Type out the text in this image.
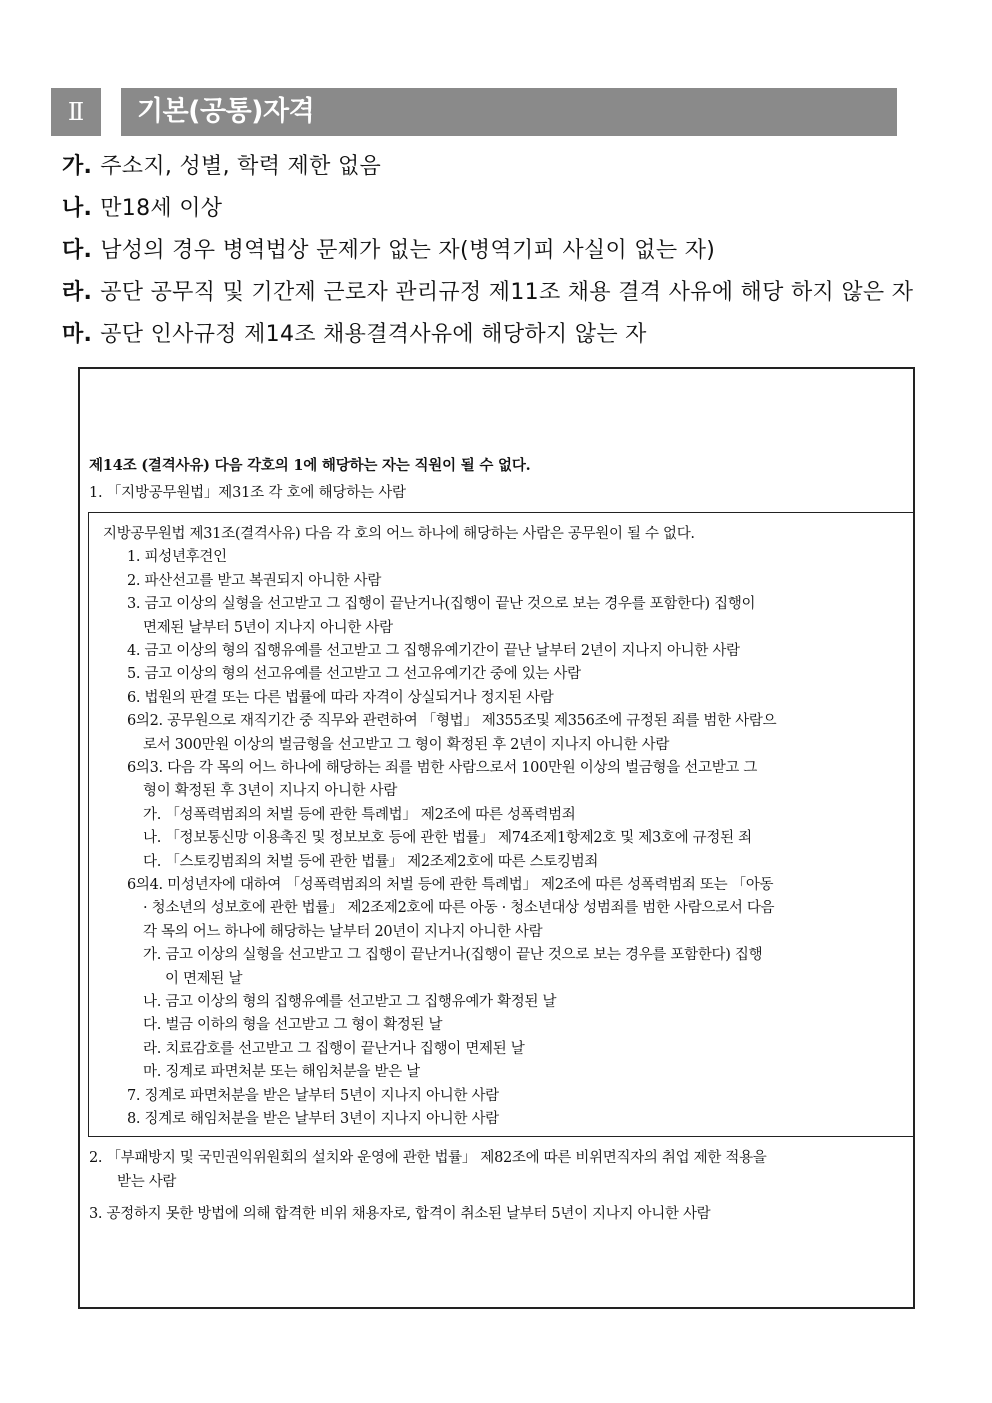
Ⅱ	기본(공통)자격
가. 주소지, 성별, 학력 제한 없음
나. 만18세 이상
다. 남성의 경우 병역법상 문제가 없는 자(병역기피 사실이 없는 자)
라. 공단 공무직 및 기간제 근로자 관리규정 제11조 채용 결격 사유에 해당 하지 않은 자
마. 공단 인사규정 제14조 채용결격사유에 해당하지 않는 자
제14조 (결격사유) 다음 각호의 1에 해당하는 자는 직원이 될 수 없다.
1. 「지방공무원법」제31조 각 호에 해당하는 사람
지방공무원법 제31조(결격사유) 다음 각 호의 어느 하나에 해당하는 사람은 공무원이 될 수 없다.
1. 피성년후견인
2. 파산선고를 받고 복권되지 아니한 사람
3. 금고 이상의 실형을 선고받고 그 집행이 끝난거나(집행이 끝난 것으로 보는 경우를 포함한다) 집행이
면제된 날부터 5년이 지나지 아니한 사람
4. 금고 이상의 형의 집행유예를 선고받고 그 집행유예기간이 끝난 날부터 2년이 지나지 아니한 사람
5. 금고 이상의 형의 선고유예를 선고받고 그 선고유예기간 중에 있는 사람
6. 법원의 판결 또는 다른 법률에 따라 자격이 상실되거나 정지된 사람
6의2. 공무원으로 재직기간 중 직무와 관련하여 「형법」 제355조및 제356조에 규정된 죄를 범한 사람으
로서 300만원 이상의 벌금형을 선고받고 그 형이 확정된 후 2년이 지나지 아니한 사람
6의3. 다음 각 목의 어느 하나에 해당하는 죄를 범한 사람으로서 100만원 이상의 벌금형을 선고받고 그
형이 확정된 후 3년이 지나지 아니한 사람
가. 「성폭력범죄의 처벌 등에 관한 특례법」 제2조에 따른 성폭력범죄
나. 「정보통신망 이용촉진 및 정보보호 등에 관한 법률」 제74조제1항제2호 및 제3호에 규정된 죄
다. 「스토킹범죄의 처벌 등에 관한 법률」 제2조제2호에 따른 스토킹범죄
6의4. 미성년자에 대하여 「성폭력범죄의 처벌 등에 관한 특례법」 제2조에 따른 성폭력범죄 또는 「아동
· 청소년의 성보호에 관한 법률」 제2조제2호에 따른 아동 · 청소년대상 성범죄를 범한 사람으로서 다음
각 목의 어느 하나에 해당하는 날부터 20년이 지나지 아니한 사람
가. 금고 이상의 실형을 선고받고 그 집행이 끝난거나(집행이 끝난 것으로 보는 경우를 포함한다) 집행
이 면제된 날
나. 금고 이상의 형의 집행유예를 선고받고 그 집행유예가 확정된 날
다. 벌금 이하의 형을 선고받고 그 형이 확정된 날
라. 치료감호를 선고받고 그 집행이 끝난거나 집행이 면제된 날
마. 징계로 파면처분 또는 해임처분을 받은 날
7. 징계로 파면처분을 받은 날부터 5년이 지나지 아니한 사람
8. 징계로 해임처분을 받은 날부터 3년이 지나지 아니한 사람
2. 「부패방지 및 국민권익위원회의 설치와 운영에 관한 법률」 제82조에 따른 비위면직자의 취업 제한 적용을
받는 사람
3. 공정하지 못한 방법에 의해 합격한 비위 채용자로, 합격이 취소된 날부터 5년이 지나지 아니한 사람
